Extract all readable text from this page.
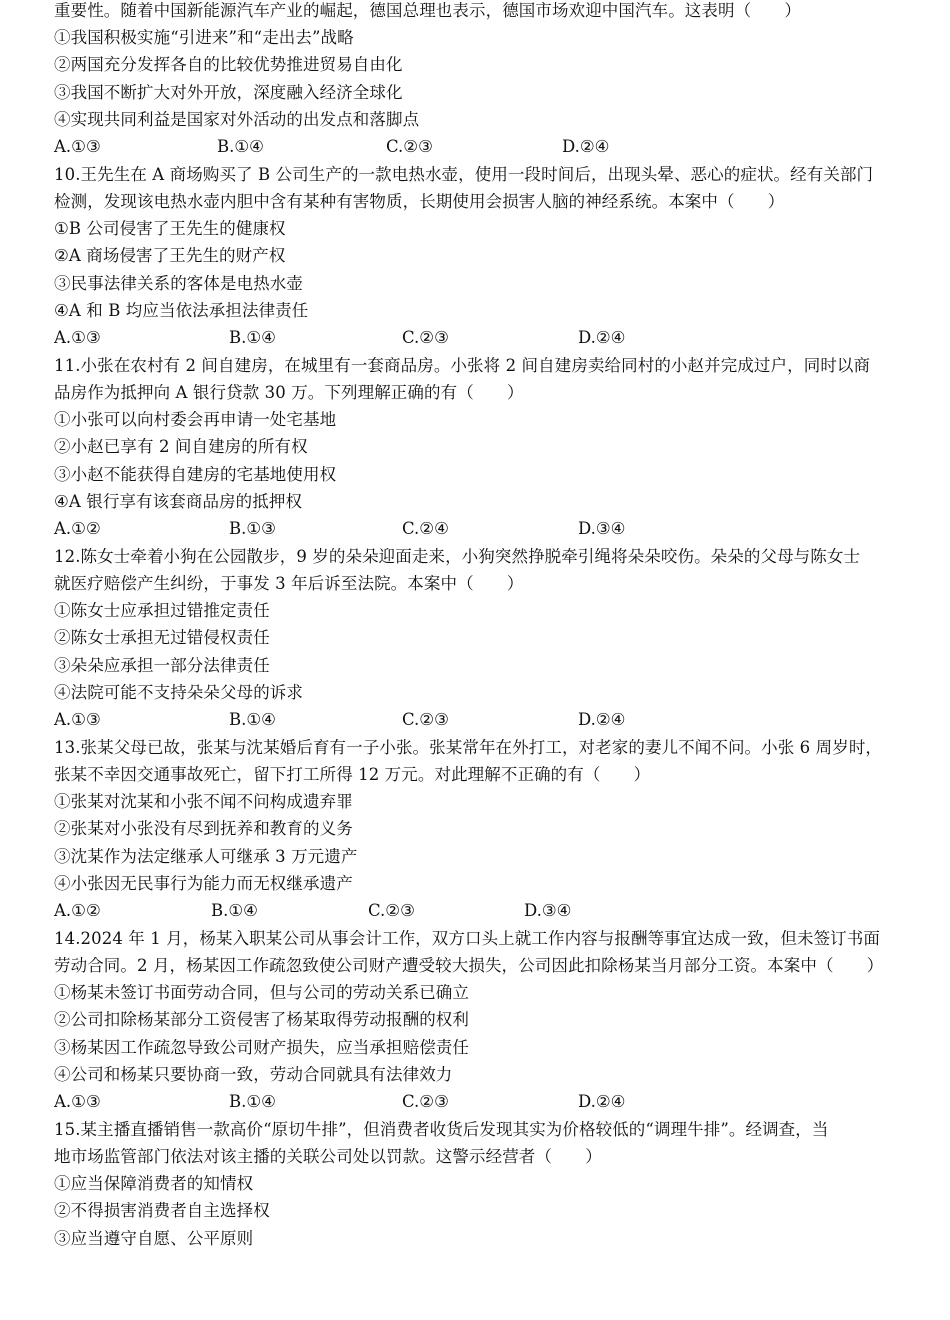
重要性。随着中国新能源汽车产业的崛起，德国总理也表示，德国市场欢迎中国汽车。这表明（　　）
①我国积极实施“引进来”和“走出去”战略
②两国充分发挥各自的比较优势推进贸易自由化
③我国不断扩大对外开放，深度融入经济全球化
④实现共同利益是国家对外活动的出发点和落脚点
A.①③	B.①④	C.②③	D.②④
10.王先生在 A 商场购买了 B 公司生产的一款电热水壶，使用一段时间后，出现头晕、恶心的症状。经有关部门
检测，发现该电热水壶内胆中含有某种有害物质，长期使用会损害人脑的神经系统。本案中（　　）
①B 公司侵害了王先生的健康权
②A 商场侵害了王先生的财产权
③民事法律关系的客体是电热水壶
④A 和 B 均应当依法承担法律责任
A.①③	B.①④	C.②③	D.②④
11.小张在农村有 2 间自建房，在城里有一套商品房。小张将 2 间自建房卖给同村的小赵并完成过户，同时以商
品房作为抵押向 A 银行贷款 30 万。下列理解正确的有（　　）
①小张可以向村委会再申请一处宅基地
②小赵已享有 2 间自建房的所有权
③小赵不能获得自建房的宅基地使用权
④A 银行享有该套商品房的抵押权
A.①②	B.①③	C.②④	D.③④
12.陈女士牵着小狗在公园散步，9 岁的朵朵迎面走来，小狗突然挣脱牵引绳将朵朵咬伤。朵朵的父母与陈女士
就医疗赔偿产生纠纷，于事发 3 年后诉至法院。本案中（　　）
①陈女士应承担过错推定责任
②陈女士承担无过错侵权责任
③朵朵应承担一部分法律责任
④法院可能不支持朵朵父母的诉求
A.①③	B.①④	C.②③	D.②④
13.张某父母已故，张某与沈某婚后育有一子小张。张某常年在外打工，对老家的妻儿不闻不问。小张 6 周岁时，
张某不幸因交通事故死亡，留下打工所得 12 万元。对此理解不正确的有（　　）
①张某对沈某和小张不闻不问构成遗弃罪
②张某对小张没有尽到抚养和教育的义务
③沈某作为法定继承人可继承 3 万元遗产
④小张因无民事行为能力而无权继承遗产
A.①②	B.①④	C.②③	D.③④
14.2024 年 1 月，杨某入职某公司从事会计工作，双方口头上就工作内容与报酬等事宜达成一致，但未签订书面
劳动合同。2 月，杨某因工作疏忽致使公司财产遭受较大损失，公司因此扣除杨某当月部分工资。本案中（　　）
①杨某未签订书面劳动合同，但与公司的劳动关系已确立
②公司扣除杨某部分工资侵害了杨某取得劳动报酬的权利
③杨某因工作疏忽导致公司财产损失，应当承担赔偿责任
④公司和杨某只要协商一致，劳动合同就具有法律效力
A.①③	B.①④	C.②③	D.②④
15.某主播直播销售一款高价“原切牛排”，但消费者收货后发现其实为价格较低的“调理牛排”。经调查，当
地市场监管部门依法对该主播的关联公司处以罚款。这警示经营者（　　）
①应当保障消费者的知情权
②不得损害消费者自主选择权
③应当遵守自愿、公平原则
